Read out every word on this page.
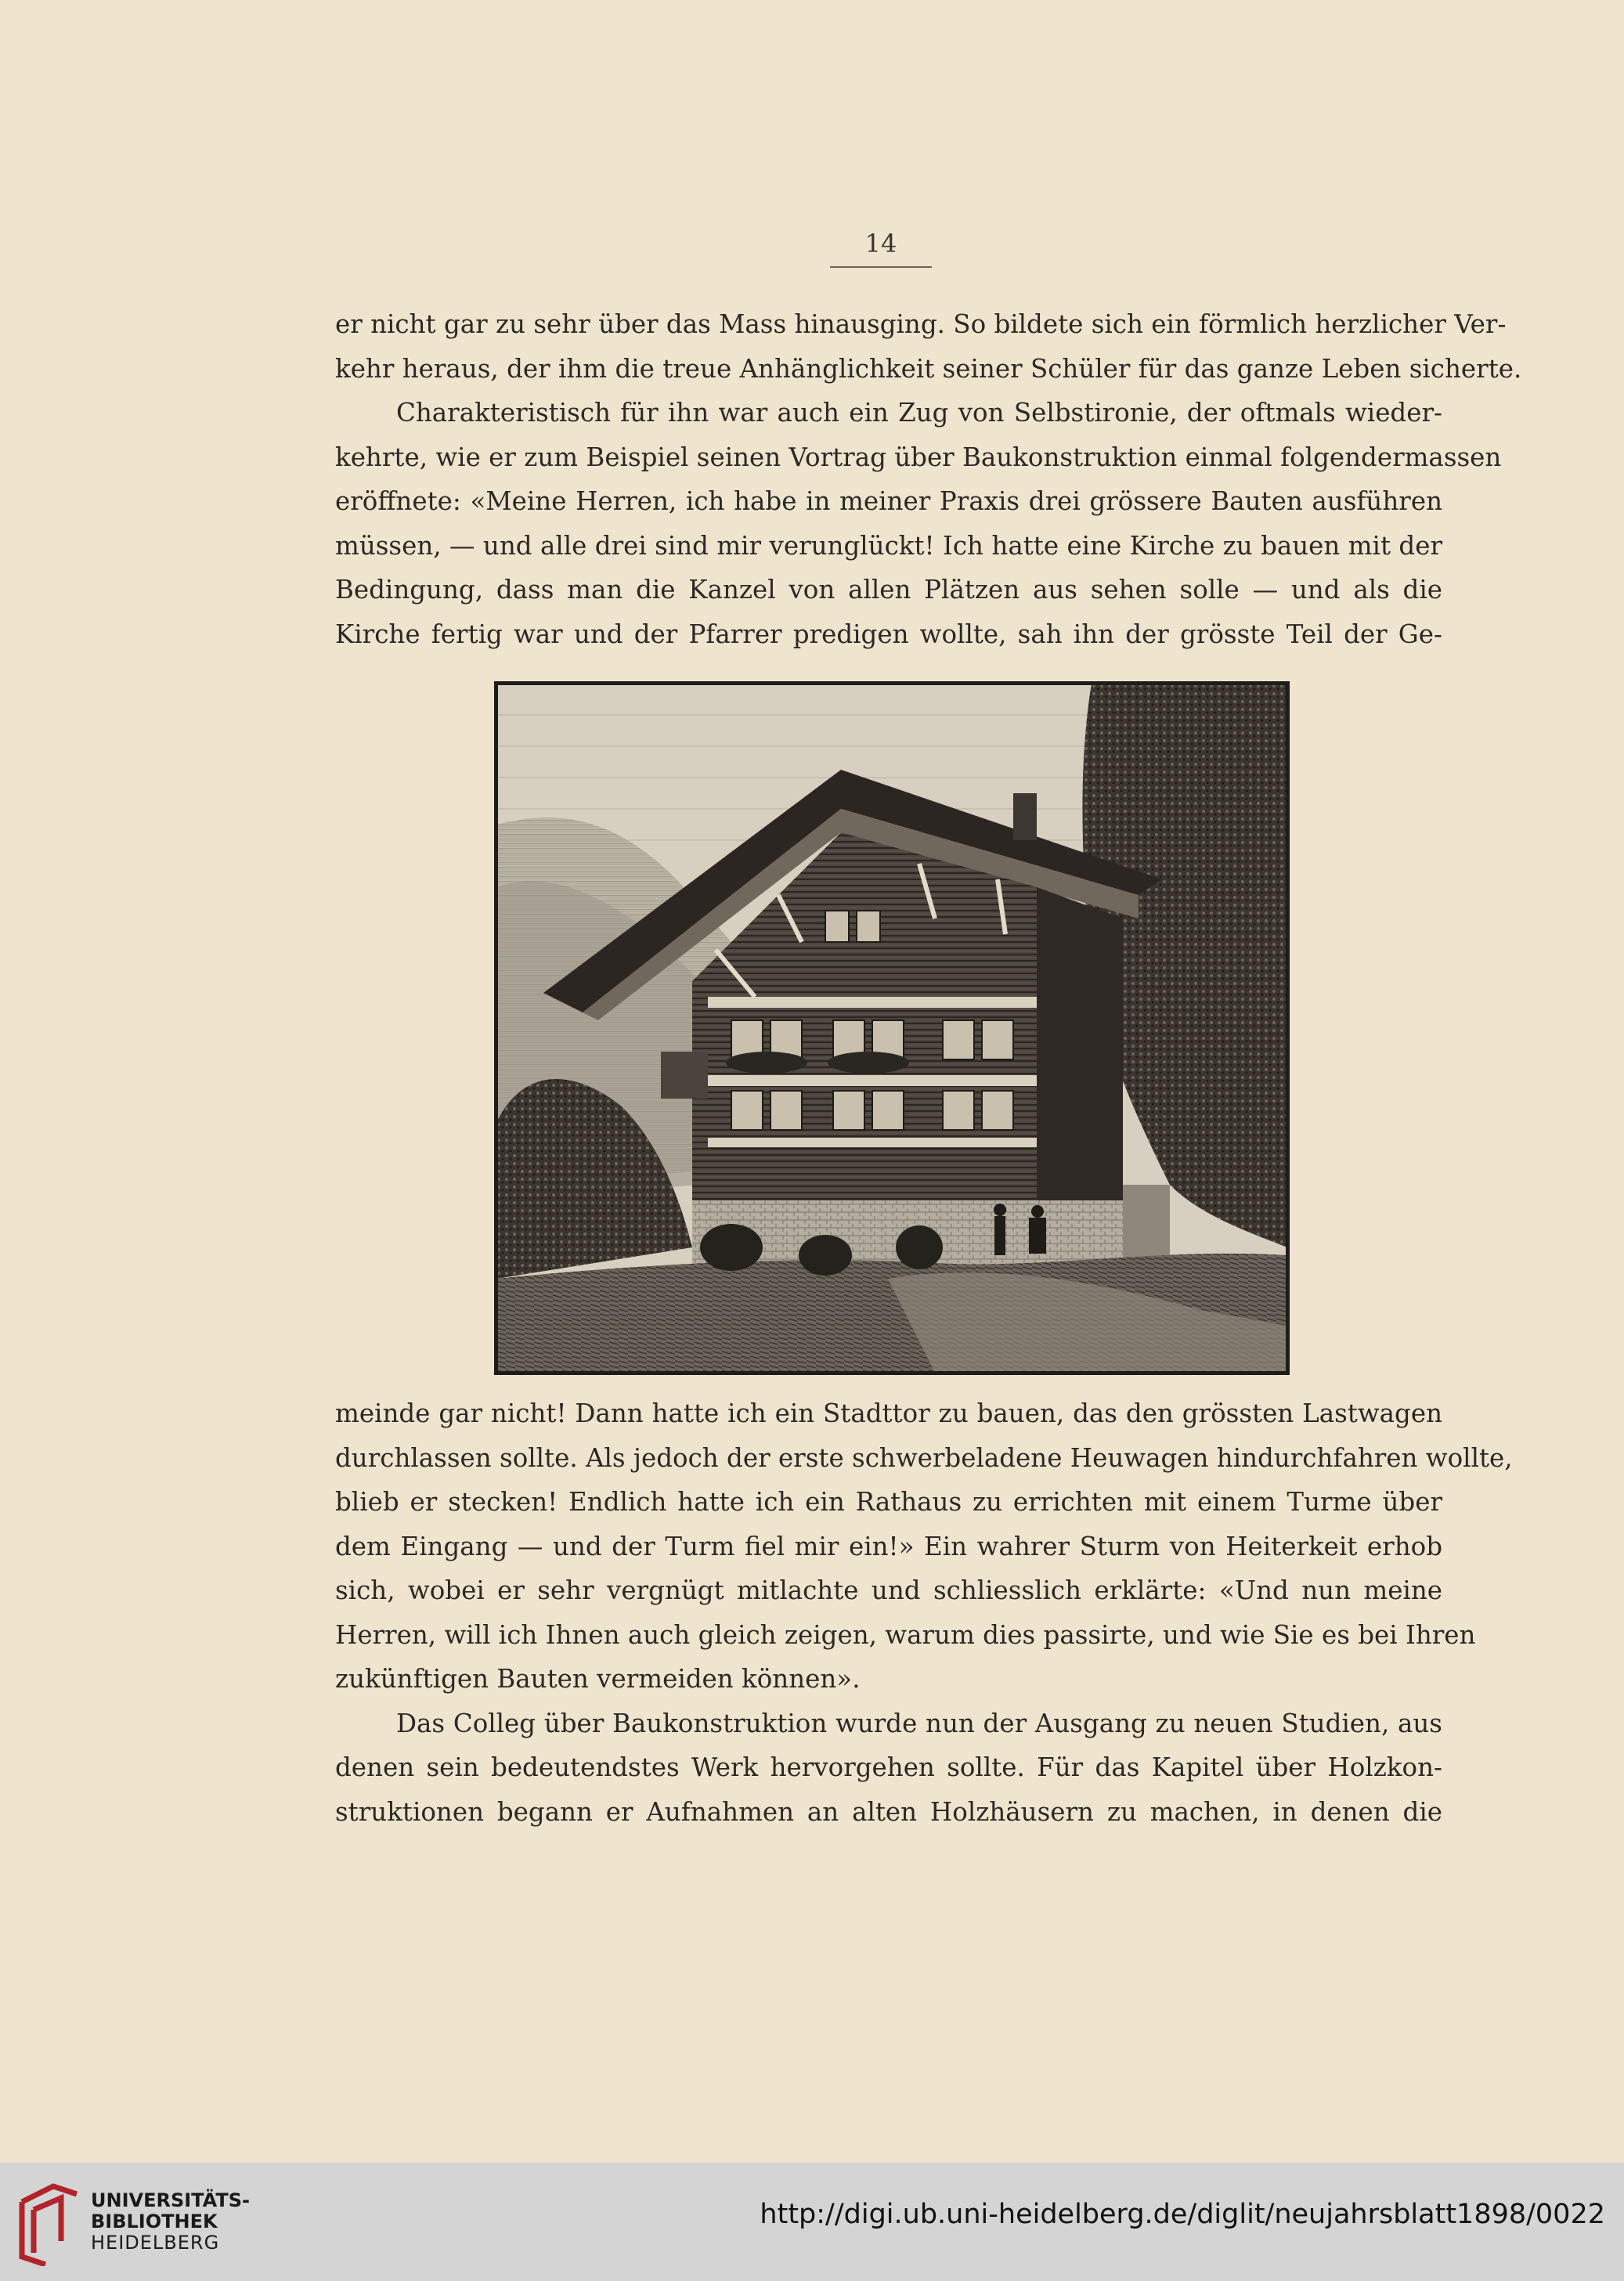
14
er nicht gar zu sehr über das Mass hinausging. So bildete sich ein förmlich herzlicher Ver-
kehr heraus, der ihm die treue Anhänglichkeit seiner Schüler für das ganze Leben sicherte.
Charakteristisch für ihn war auch ein Zug von Selbstironie, der oftmals wieder-
kehrte, wie er zum Beispiel seinen Vortrag über Baukonstruktion einmal folgendermassen
eröffnete: «Meine Herren, ich habe in meiner Praxis drei grössere Bauten ausführen
müssen, — und alle drei sind mir verunglückt! Ich hatte eine Kirche zu bauen mit der
Bedingung, dass man die Kanzel von allen Plätzen aus sehen solle — und als die
Kirche fertig war und der Pfarrer predigen wollte, sah ihn der grösste Teil der Ge-
meinde gar nicht! Dann hatte ich ein Stadttor zu bauen, das den grössten Lastwagen
durchlassen sollte. Als jedoch der erste schwerbeladene Heuwagen hindurchfahren wollte,
blieb er stecken! Endlich hatte ich ein Rathaus zu errichten mit einem Turme über
dem Eingang — und der Turm fiel mir ein!» Ein wahrer Sturm von Heiterkeit erhob
sich, wobei er sehr vergnügt mitlachte und schliesslich erklärte: «Und nun meine
Herren, will ich Ihnen auch gleich zeigen, warum dies passirte, und wie Sie es bei Ihren
zukünftigen Bauten vermeiden können».
Das Colleg über Baukonstruktion wurde nun der Ausgang zu neuen Studien, aus
denen sein bedeutendstes Werk hervorgehen sollte. Für das Kapitel über Holzkon-
struktionen begann er Aufnahmen an alten Holzhäusern zu machen, in denen die
UNIVERSITÄTS-
BIBLIOTHEK
HEIDELBERG
http://digi.ub.uni-heidelberg.de/diglit/neujahrsblatt1898/0022
